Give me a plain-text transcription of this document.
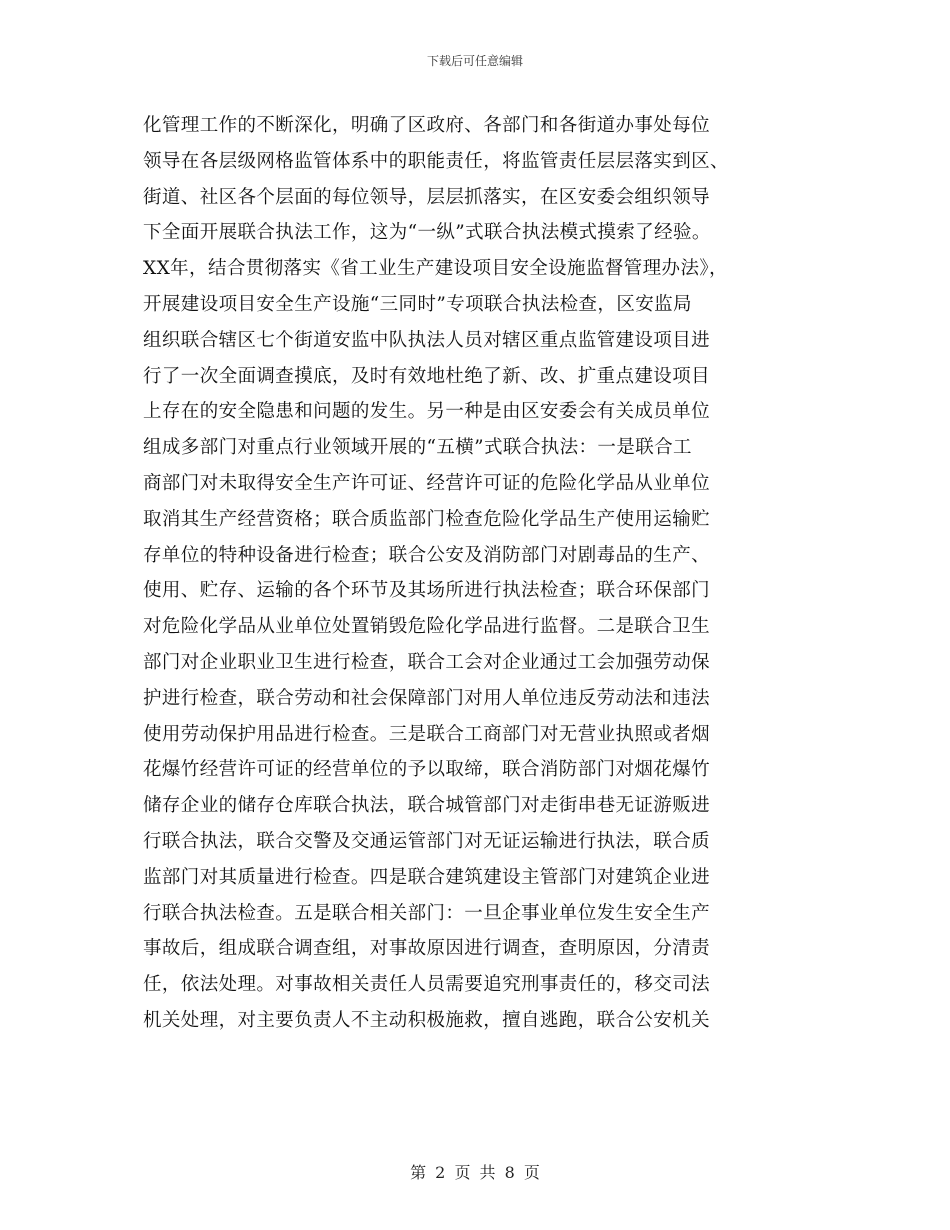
下载后可任意编辑
化管理工作的不断深化，明确了区政府、各部门和各街道办事处每位
领导在各层级网格监管体系中的职能责任，将监管责任层层落实到区、
街道、社区各个层面的每位领导，层层抓落实，在区安委会组织领导
下全面开展联合执法工作，这为“一纵”式联合执法模式摸索了经验。
XX年，结合贯彻落实《省工业生产建设项目安全设施监督管理办法》，
开展建设项目安全生产设施“三同时”专项联合执法检查，区安监局
组织联合辖区七个街道安监中队执法人员对辖区重点监管建设项目进
行了一次全面调查摸底，及时有效地杜绝了新、改、扩重点建设项目
上存在的安全隐患和问题的发生。另一种是由区安委会有关成员单位
组成多部门对重点行业领域开展的“五横”式联合执法：一是联合工
商部门对未取得安全生产许可证、经营许可证的危险化学品从业单位
取消其生产经营资格；联合质监部门检查危险化学品生产使用运输贮
存单位的特种设备进行检查；联合公安及消防部门对剧毒品的生产、
使用、贮存、运输的各个环节及其场所进行执法检查；联合环保部门
对危险化学品从业单位处置销毁危险化学品进行监督。二是联合卫生
部门对企业职业卫生进行检查，联合工会对企业通过工会加强劳动保
护进行检查，联合劳动和社会保障部门对用人单位违反劳动法和违法
使用劳动保护用品进行检查。三是联合工商部门对无营业执照或者烟
花爆竹经营许可证的经营单位的予以取缔，联合消防部门对烟花爆竹
储存企业的储存仓库联合执法，联合城管部门对走街串巷无证游贩进
行联合执法，联合交警及交通运管部门对无证运输进行执法，联合质
监部门对其质量进行检查。四是联合建筑建设主管部门对建筑企业进
行联合执法检查。五是联合相关部门：一旦企事业单位发生安全生产
事故后，组成联合调查组，对事故原因进行调查，查明原因，分清责
任，依法处理。对事故相关责任人员需要追究刑事责任的，移交司法
机关处理，对主要负责人不主动积极施救，擅自逃跑，联合公安机关
第 2 页 共 8 页
